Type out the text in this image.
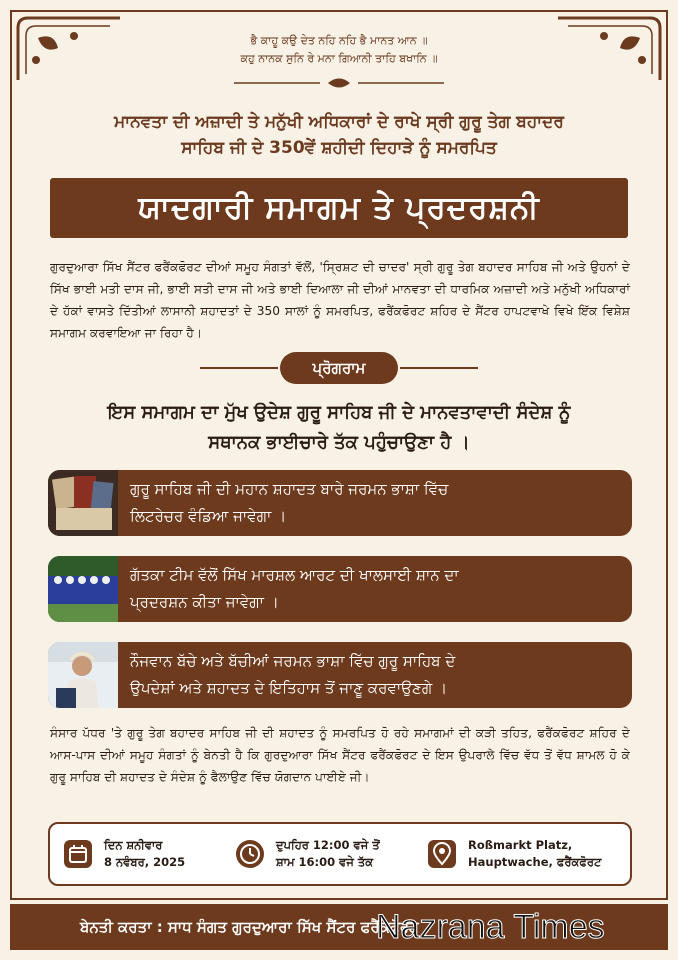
ਭੈ ਕਾਹੂ ਕਉ ਦੇਤ ਨਹਿ ਨਹਿ ਭੈ ਮਾਨਤ ਆਨ ॥
ਕਹੁ ਨਾਨਕ ਸੁਨਿ ਰੇ ਮਨਾ ਗਿਆਨੀ ਤਾਹਿ ਬਖਾਨਿ ॥
ਮਾਨਵਤਾ ਦੀ ਅਜ਼ਾਦੀ ਤੇ ਮਨੁੱਖੀ ਅਧਿਕਾਰਾਂ ਦੇ ਰਾਖੇ ਸ੍ਰੀ ਗੁਰੂ ਤੇਗ ਬਹਾਦਰ
ਸਾਹਿਬ ਜੀ ਦੇ 350ਵੇਂ ਸ਼ਹੀਦੀ ਦਿਹਾੜੇ ਨੂੰ ਸਮਰਪਿਤ
ਯਾਦਗਾਰੀ ਸਮਾਗਮ ਤੇ ਪ੍ਰਦਰਸ਼ਨੀ
ਗੁਰਦੁਆਰਾ ਸਿੱਖ ਸੈਂਟਰ ਫਰੈਂਕਫੋਰਟ ਦੀਆਂ ਸਮੂਹ ਸੰਗਤਾਂ ਵੱਲੋਂ, 'ਸ੍ਰਿਸ਼ਟ ਦੀ ਚਾਦਰ' ਸ੍ਰੀ ਗੁਰੂ ਤੇਗ ਬਹਾਦਰ ਸਾਹਿਬ ਜੀ ਅਤੇ ਉਹਨਾਂ ਦੇ ਸਿੱਖ ਭਾਈ ਮਤੀ ਦਾਸ ਜੀ, ਭਾਈ ਸਤੀ ਦਾਸ ਜੀ ਅਤੇ ਭਾਈ ਦਿਆਲਾ ਜੀ ਦੀਆਂ ਮਾਨਵਤਾ ਦੀ ਧਾਰਮਿਕ ਅਜ਼ਾਦੀ ਅਤੇ ਮਨੁੱਖੀ ਅਧਿਕਾਰਾਂ ਦੇ ਹੱਕਾਂ ਵਾਸਤੇ ਦਿੱਤੀਆਂ ਲਾਸਾਨੀ ਸ਼ਹਾਦਤਾਂ ਦੇ 350 ਸਾਲਾਂ ਨੂੰ ਸਮਰਪਿਤ, ਫਰੈਂਕਫੋਰਟ ਸ਼ਹਿਰ ਦੇ ਸੈਂਟਰ ਹਾਪਟਵਾਖੇ ਵਿਖੇ ਇੱਕ ਵਿਸ਼ੇਸ਼ ਸਮਾਗਮ ਕਰਵਾਇਆ ਜਾ ਰਿਹਾ ਹੈ।
ਪ੍ਰੋਗਰਾਮ
ਇਸ ਸਮਾਗਮ ਦਾ ਮੁੱਖ ਉਦੇਸ਼ ਗੁਰੂ ਸਾਹਿਬ ਜੀ ਦੇ ਮਾਨਵਤਾਵਾਦੀ ਸੰਦੇਸ਼ ਨੂੰ
ਸਥਾਨਕ ਭਾਈਚਾਰੇ ਤੱਕ ਪਹੁੰਚਾਉਣਾ ਹੈ ।
ਗੁਰੂ ਸਾਹਿਬ ਜੀ ਦੀ ਮਹਾਨ ਸ਼ਹਾਦਤ ਬਾਰੇ ਜਰਮਨ ਭਾਸ਼ਾ ਵਿੱਚ
ਲਿਟਰੇਚਰ ਵੰਡਿਆ ਜਾਵੇਗਾ ।
ਗੱਤਕਾ ਟੀਮ ਵੱਲੋਂ ਸਿੱਖ ਮਾਰਸ਼ਲ ਆਰਟ ਦੀ ਖਾਲਸਾਈ ਸ਼ਾਨ ਦਾ
ਪ੍ਰਦਰਸ਼ਨ ਕੀਤਾ ਜਾਵੇਗਾ ।
ਨੌਜਵਾਨ ਬੱਚੇ ਅਤੇ ਬੱਚੀਆਂ ਜਰਮਨ ਭਾਸ਼ਾ ਵਿੱਚ ਗੁਰੂ ਸਾਹਿਬ ਦੇ
ਉਪਦੇਸ਼ਾਂ ਅਤੇ ਸ਼ਹਾਦਤ ਦੇ ਇਤਿਹਾਸ ਤੋਂ ਜਾਣੂ ਕਰਵਾਉਣਗੇ ।
ਸੰਸਾਰ ਪੱਧਰ 'ਤੇ ਗੁਰੂ ਤੇਗ ਬਹਾਦਰ ਸਾਹਿਬ ਜੀ ਦੀ ਸ਼ਹਾਦਤ ਨੂੰ ਸਮਰਪਿਤ ਹੋ ਰਹੇ ਸਮਾਗਮਾਂ ਦੀ ਕੜੀ ਤਹਿਤ, ਫਰੈਂਕਫੋਰਟ ਸ਼ਹਿਰ ਦੇ ਆਸ-ਪਾਸ ਦੀਆਂ ਸਮੂਹ ਸੰਗਤਾਂ ਨੂੰ ਬੇਨਤੀ ਹੈ ਕਿ ਗੁਰਦੁਆਰਾ ਸਿੱਖ ਸੈਂਟਰ ਫਰੈਂਕਫੋਰਟ ਦੇ ਇਸ ਉਪਰਾਲੇ ਵਿੱਚ ਵੱਧ ਤੋਂ ਵੱਧ ਸ਼ਾਮਲ ਹੋ ਕੇ ਗੁਰੂ ਸਾਹਿਬ ਦੀ ਸ਼ਹਾਦਤ ਦੇ ਸੰਦੇਸ਼ ਨੂੰ ਫੈਲਾਉਣ ਵਿੱਚ ਯੋਗਦਾਨ ਪਾਈਏ ਜੀ।
ਦਿਨ ਸ਼ਨੀਵਾਰ
8 ਨਵੰਬਰ, 2025
ਦੁਪਹਿਰ 12:00 ਵਜੇ ਤੋਂ
ਸ਼ਾਮ 16:00 ਵਜੇ ਤੱਕ
Roßmarkt Platz,
Hauptwache, ਫਰੈਂਕਫੋਰਟ
ਬੇਨਤੀ ਕਰਤਾ : ਸਾਧ ਸੰਗਤ ਗੁਰਦੁਆਰਾ ਸਿੱਖ ਸੈਂਟਰ ਫਰੈਂਕਫੋਰਟ
Nazrana Times
